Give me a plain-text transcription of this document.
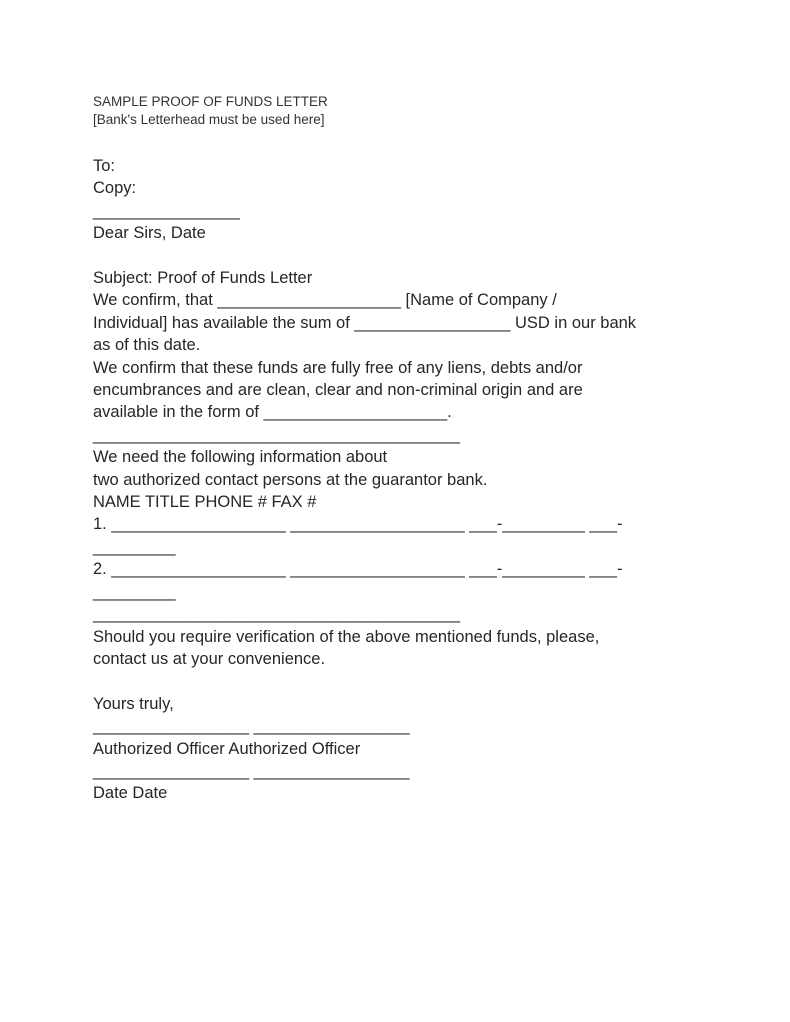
SAMPLE PROOF OF FUNDS LETTER
[Bank's Letterhead must be used here]
To:
Copy:
________________
Dear Sirs, Date
Subject: Proof of Funds Letter
We confirm, that ____________________ [Name of Company /
Individual] has available the sum of _________________ USD in our bank
as of this date.
We confirm that these funds are fully free of any liens, debts and/or
encumbrances and are clean, clear and non-criminal origin and are
available in the form of ____________________.
________________________________________
We need the following information about
two authorized contact persons at the guarantor bank.
NAME TITLE PHONE # FAX #
1. ___________________ ___________________ ___-_________ ___-
_________
2. ___________________ ___________________ ___-_________ ___-
_________
________________________________________
Should you require verification of the above mentioned funds, please,
contact us at your convenience.
Yours truly,
_________________ _________________
Authorized Officer Authorized Officer
_________________ _________________
Date Date
